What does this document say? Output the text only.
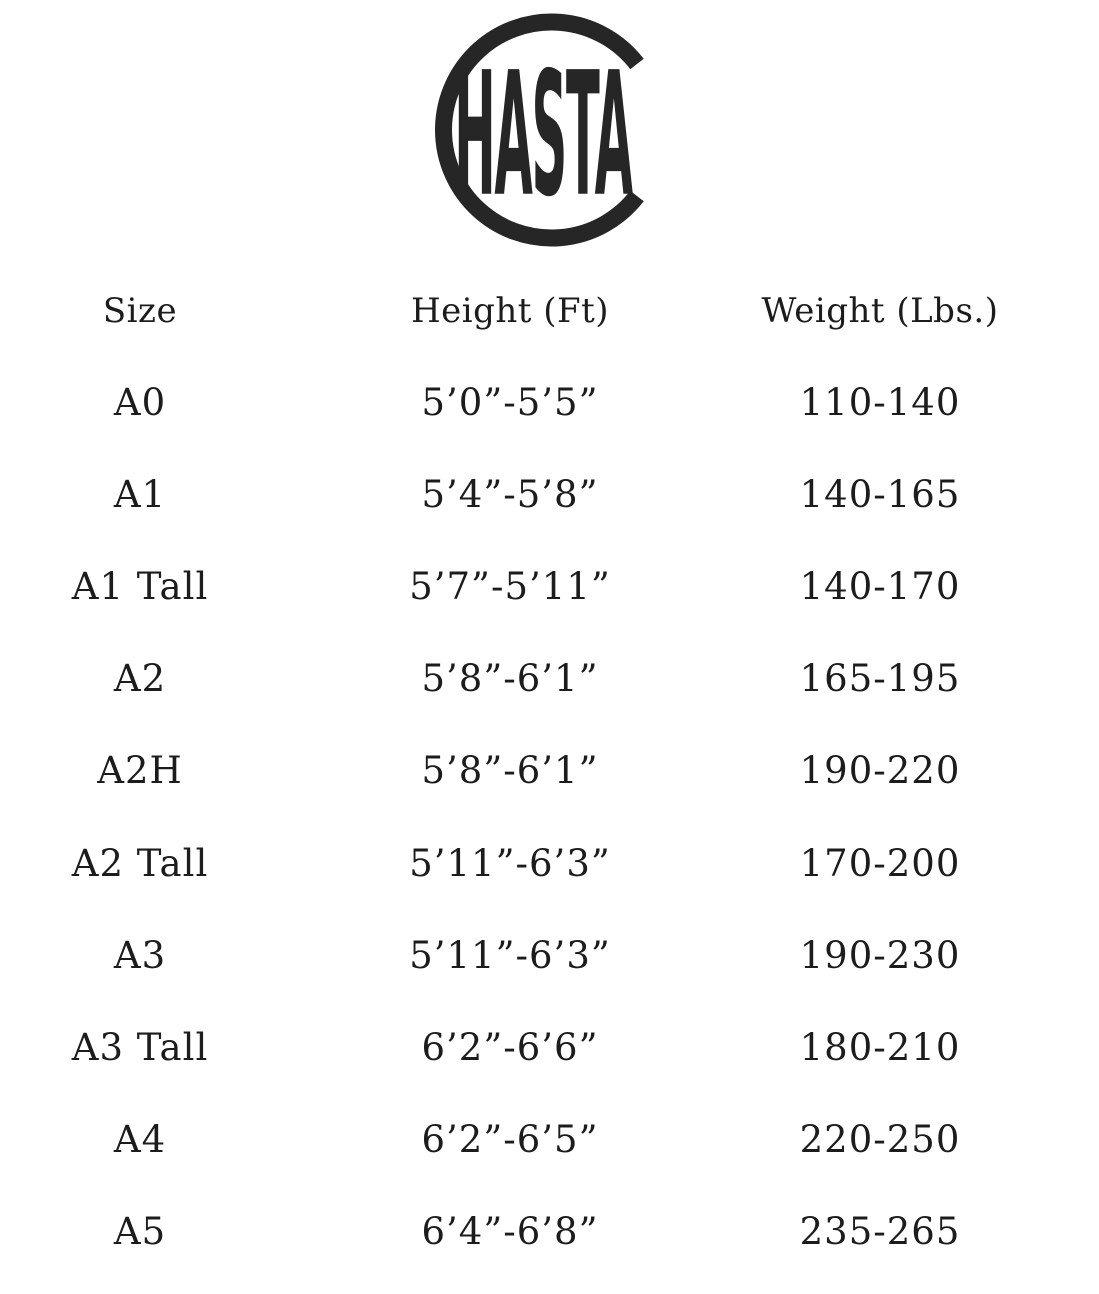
HASTA
Size	Height (Ft)	Weight (Lbs.)
A0	5’0”-5’5”	110-140
A1	5’4”-5’8”	140-165
A1 Tall	5’7”-5’11”	140-170
A2	5’8”-6’1”	165-195
A2H	5’8”-6’1”	190-220
A2 Tall	5’11”-6’3”	170-200
A3	5’11”-6’3”	190-230
A3 Tall	6’2”-6’6”	180-210
A4	6’2”-6’5”	220-250
A5	6’4”-6’8”	235-265
